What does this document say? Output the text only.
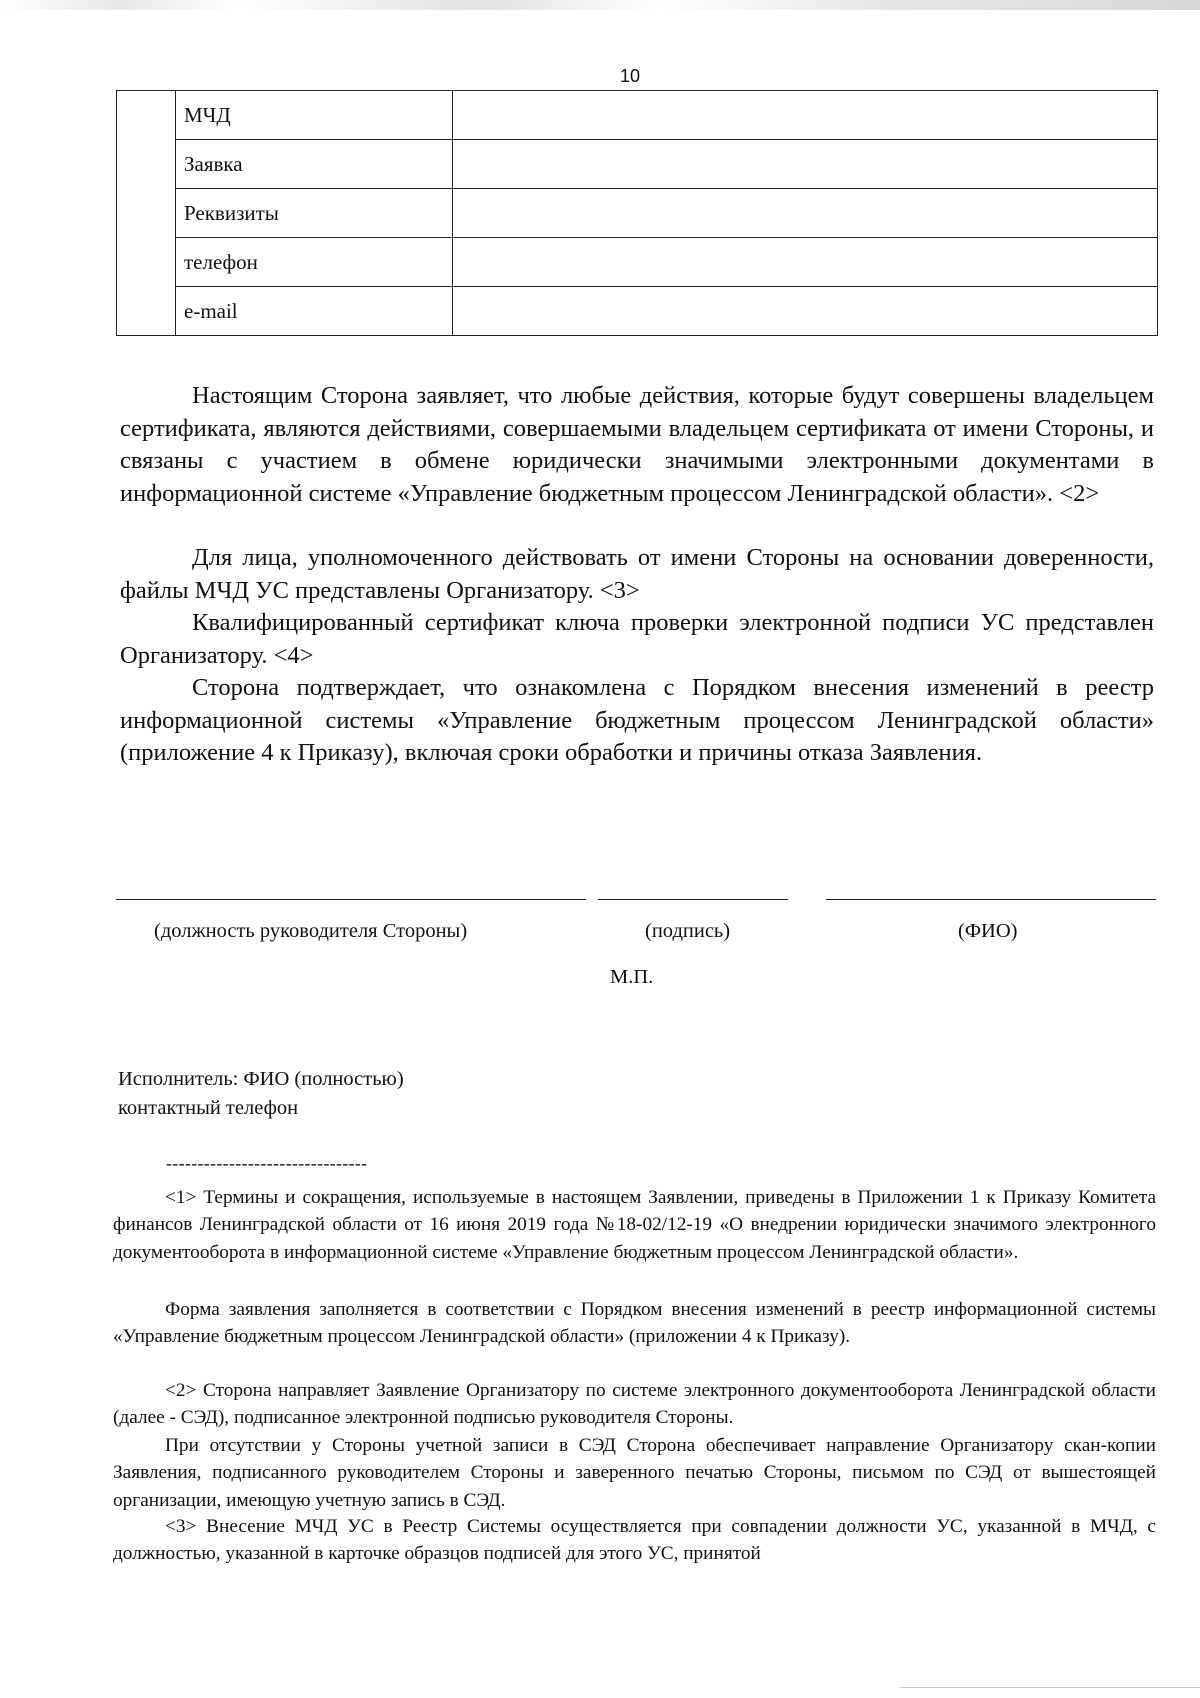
10
	МЧД	
	Заявка	
	Реквизиты	
	телефон	
	e-mail	

Настоящим Сторона заявляет, что любые действия, которые будут совершены владельцем сертификата, являются действиями, совершаемыми владельцем сертификата от имени Стороны, и связаны с участием в обмене юридически значимыми электронными документами в информационной системе «Управление бюджетным процессом Ленинградской области». <2>

Для лица, уполномоченного действовать от имени Стороны на основании доверенности, файлы МЧД УС представлены Организатору. <3>

Квалифицированный сертификат ключа проверки электронной подписи УС представлен Организатору. <4>

Сторона подтверждает, что ознакомлена с Порядком внесения изменений в реестр информационной системы «Управление бюджетным процессом Ленинградской области» (приложение 4 к Приказу), включая сроки обработки и причины отказа Заявления.

(должность руководителя Стороны)	(подпись)	(ФИО)
М.П.
Исполнитель: ФИО (полностью)
контактный телефон
--------------------------------

<1> Термины и сокращения, используемые в настоящем Заявлении, приведены в Приложении 1 к Приказу Комитета финансов Ленинградской области от 16 июня 2019 года №18-02/12-19 «О внедрении юридически значимого электронного документооборота в информационной системе «Управление бюджетным процессом Ленинградской области».

Форма заявления заполняется в соответствии с Порядком внесения изменений в реестр информационной системы «Управление бюджетным процессом Ленинградской области» (приложении 4 к Приказу).

<2> Сторона направляет Заявление Организатору по системе электронного документооборота Ленинградской области (далее - СЭД), подписанное электронной подписью руководителя Стороны.

При отсутствии у Стороны учетной записи в СЭД Сторона обеспечивает направление Организатору скан-копии Заявления, подписанного руководителем Стороны и заверенного печатью Стороны, письмом по СЭД от вышестоящей организации, имеющую учетную запись в СЭД.

<3> Внесение МЧД УС в Реестр Системы осуществляется при совпадении должности УС, указанной в МЧД, с должностью, указанной в карточке образцов подписей для этого УС, принятой
